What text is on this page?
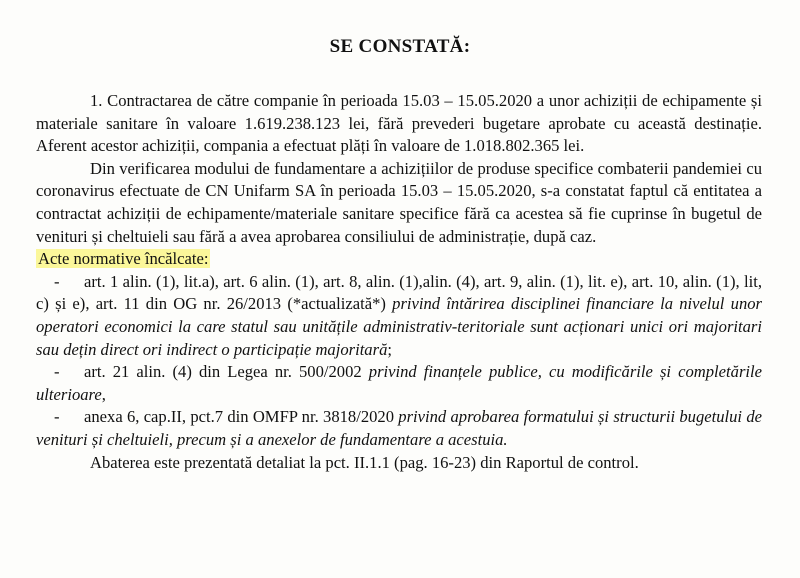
SE CONSTATĂ:

1. Contractarea de către companie în perioada 15.03 – 15.05.2020 a unor achiziții de echipamente și materiale sanitare în valoare 1.619.238.123 lei, fără prevederi bugetare aprobate cu această destinație. Aferent acestor achiziții, compania a efectuat plăți în valoare de 1.018.802.365 lei.

Din verificarea modului de fundamentare a achizițiilor de produse specifice combaterii pandemiei cu coronavirus efectuate de CN Unifarm SA în perioada 15.03 – 15.05.2020, s-a constatat faptul că entitatea a contractat achiziții de echipamente/materiale sanitare specifice fără ca acestea să fie cuprinse în bugetul de venituri și cheltuieli sau fără a avea aprobarea consiliului de administrație, după caz.

Acte normative încălcate:

- art. 1 alin. (1), lit.a), art. 6 alin. (1), art. 8, alin. (1),alin. (4), art. 9, alin. (1), lit. e), art. 10, alin. (1), lit, c) și e), art. 11 din OG nr. 26/2013 (*actualizată*) privind întărirea disciplinei financiare la nivelul unor operatori economici la care statul sau unitățile administrativ-teritoriale sunt acționari unici ori majoritari sau dețin direct ori indirect o participație majoritară;

- art. 21 alin. (4) din Legea nr. 500/2002 privind finanțele publice, cu modificările și completările ulterioare,

- anexa 6, cap.II, pct.7 din OMFP nr. 3818/2020 privind aprobarea formatului și structurii bugetului de venituri și cheltuieli, precum și a anexelor de fundamentare a acestuia.

Abaterea este prezentată detaliat la pct. II.1.1 (pag. 16-23) din Raportul de control.
